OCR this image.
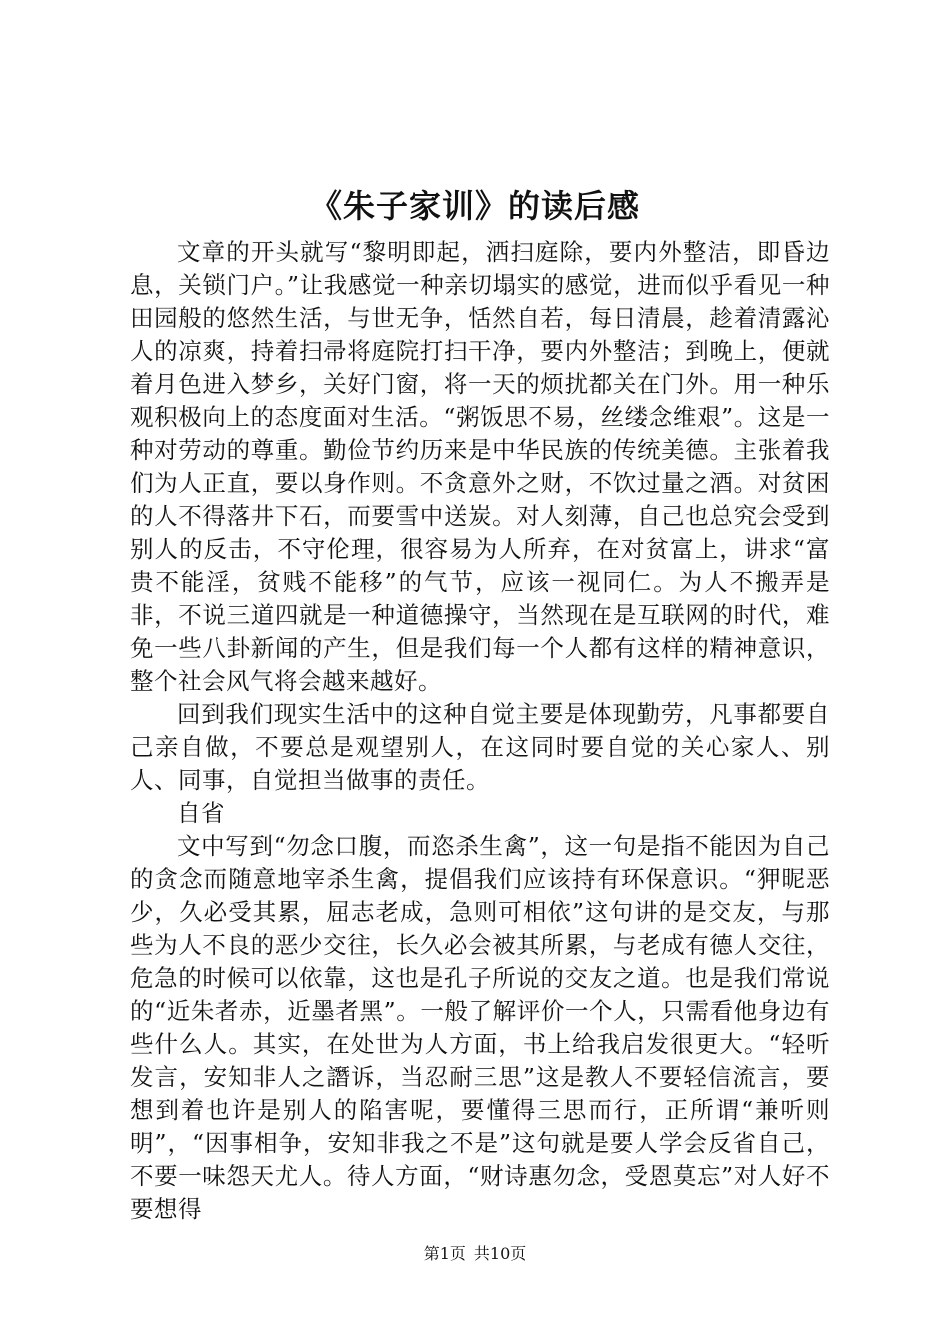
《朱子家训》的读后感

文章的开头就写“黎明即起，洒扫庭除，要内外整洁，即昏边息，关锁门户。”让我感觉一种亲切塌实的感觉，进而似乎看见一种田园般的悠然生活，与世无争，恬然自若，每日清晨，趁着清露沁人的凉爽，持着扫帚将庭院打扫干净，要内外整洁；到晚上，便就着月色进入梦乡，关好门窗，将一天的烦扰都关在门外。用一种乐观积极向上的态度面对生活。“粥饭思不易，丝缕念维艰”。这是一种对劳动的尊重。勤俭节约历来是中华民族的传统美德。主张着我们为人正直，要以身作则。不贪意外之财，不饮过量之酒。对贫困的人不得落井下石，而要雪中送炭。对人刻薄，自己也总究会受到别人的反击，不守伦理，很容易为人所弃，在对贫富上，讲求“富贵不能淫，贫贱不能移”的气节，应该一视同仁。为人不搬弄是非，不说三道四就是一种道德操守，当然现在是互联网的时代，难免一些八卦新闻的产生，但是我们每一个人都有这样的精神意识，整个社会风气将会越来越好。

回到我们现实生活中的这种自觉主要是体现勤劳，凡事都要自己亲自做，不要总是观望别人，在这同时要自觉的关心家人、别人、同事，自觉担当做事的责任。

自省

文中写到“勿念口腹，而恣杀生禽”，这一句是指不能因为自己的贪念而随意地宰杀生禽，提倡我们应该持有环保意识。“狎昵恶少，久必受其累，屈志老成，急则可相依”这句讲的是交友，与那些为人不良的恶少交往，长久必会被其所累，与老成有德人交往，危急的时候可以依靠，这也是孔子所说的交友之道。也是我们常说的“近朱者赤，近墨者黑”。一般了解评价一个人，只需看他身边有些什么人。其实，在处世为人方面，书上给我启发很更大。“轻听发言，安知非人之譖诉，当忍耐三思”这是教人不要轻信流言，要想到着也许是别人的陷害呢，要懂得三思而行，正所谓“兼听则明”，“因事相争，安知非我之不是”这句就是要人学会反省自己，不要一味怨天尤人。待人方面，“财诗惠勿念，受恩莫忘”对人好不要想得

第1页 共10页
